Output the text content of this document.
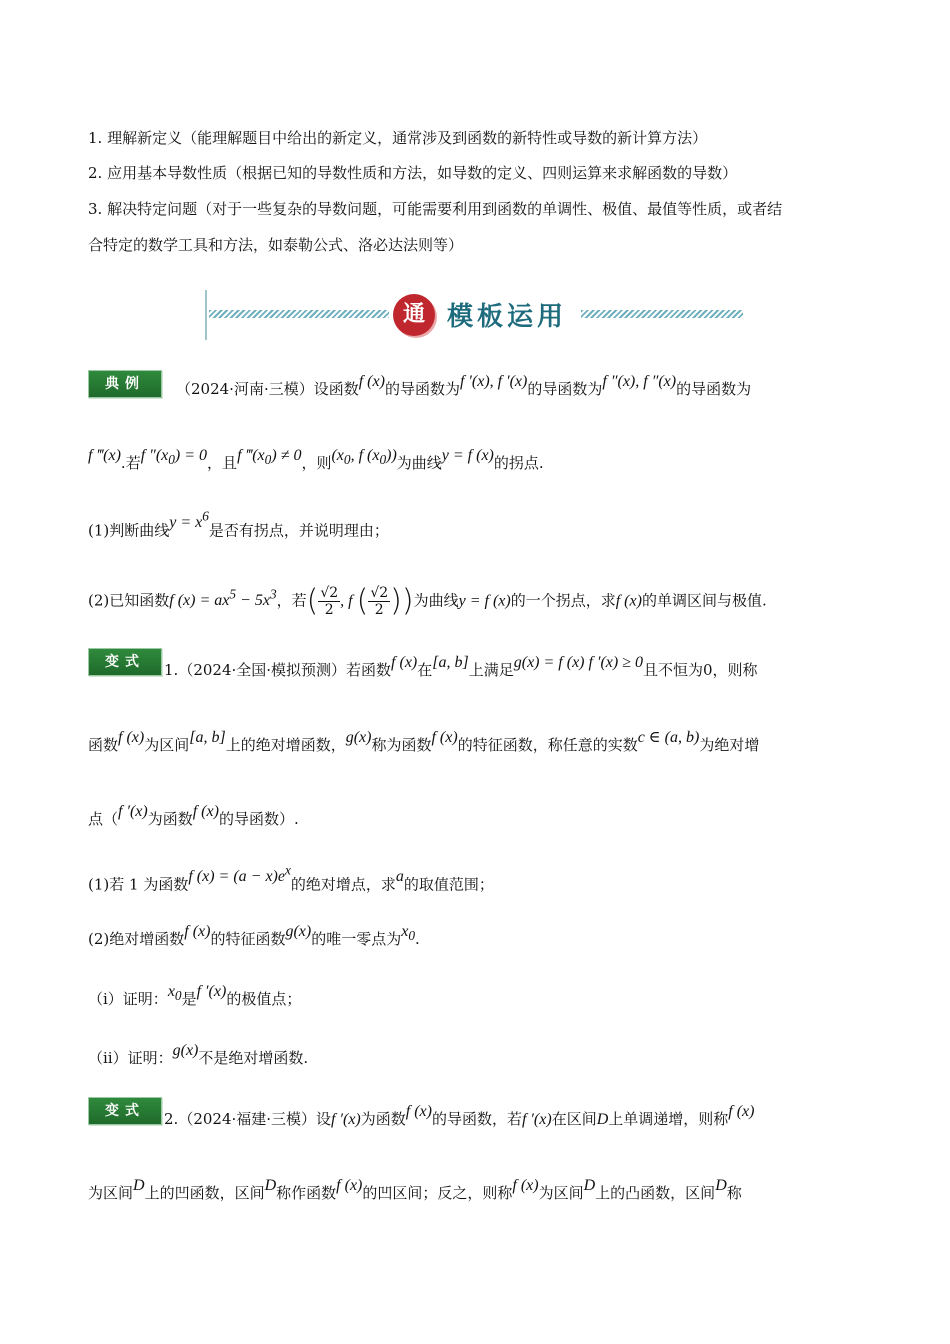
1. 理解新定义（能理解题目中给出的新定义，通常涉及到函数的新特性或导数的新计算方法）
2. 应用基本导数性质（根据已知的导数性质和方法，如导数的定义、四则运算来求解函数的导数）
3. 解决特定问题（对于一些复杂的导数问题，可能需要利用到函数的单调性、极值、最值等性质，或者结
合特定的数学工具和方法，如泰勒公式、洛必达法则等）
通 模板运用
典例	（2024·河南·三模）设函数f (x)的导函数为f ′(x), f ′(x)的导函数为f ″(x), f ″(x)的导函数为
f ‴(x).若f $''(x_0) = 0$，且f $‴(x_0) \ne 0$，则($x_0$, f $(x_0)$)为曲线y = f (x)的拐点.
(1)判断曲线$y = x^6$是否有拐点，并说明理由；
(2)已知函数f $(x) = ax^5 - 5x^3$，若( $\frac{√2}{2}$ , f ( $\frac{√2}{2}$ ))为曲线y = f (x)的一个拐点，求f (x)的单调区间与极值.
变式	1.（2024·全国·模拟预测）若函数f (x)在[a, b]上满足g(x) = f (x) f ′(x) ≥ 0且不恒为0，则称
函数f (x)为区间[a, b]上的绝对增函数，g(x)称为函数f (x)的特征函数，称任意的实数c ∈ (a, b)为绝对增
点（f ′(x)为函数f (x)的导函数）.
(1)若 1 为函数f $(x) = (a - x)e^x$的绝对增点，求a的取值范围；
(2)绝对增函数f (x)的特征函数g(x)的唯一零点为$x_0$.
（ⅰ）证明：$x_0$是f ′(x)的极值点；
（ⅱ）证明：g(x)不是绝对增函数.
变式	2.（2024·福建·三模）设f ′(x)为函数f (x)的导函数，若f ′(x)在区间D上单调递增，则称f (x)
为区间D上的凹函数，区间D称作函数f (x)的凹区间；反之，则称f (x)为区间D上的凸函数，区间D称
